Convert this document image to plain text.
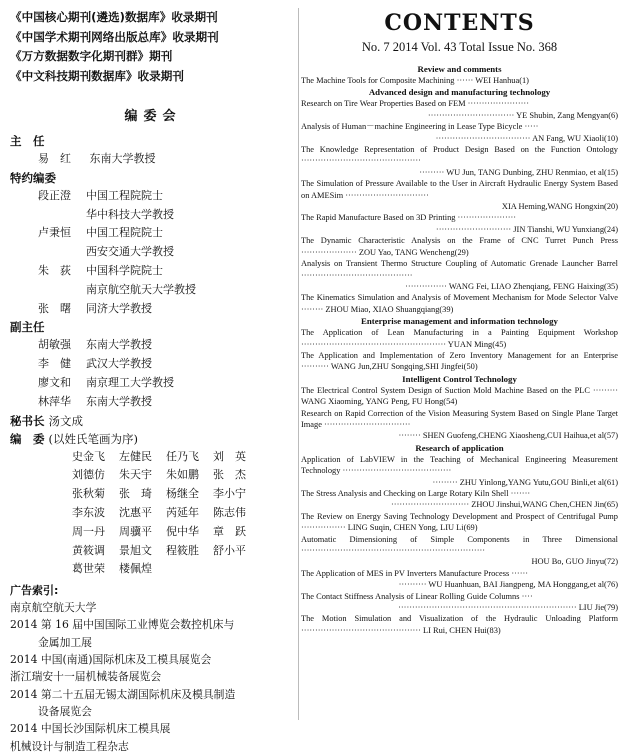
《中国核心期刊(遴选)数据库》收录期刊
《中国学术期刊网络出版总库》收录期刊
《万方数据数字化期刊群》期刊
《中文科技期刊数据库》收录期刊
编委会
主　任
易　红 东南大学教授
特约编委
段正澄 中国工程院院士
华中科技大学教授
卢秉恒 中国工程院院士
西安交通大学教授
朱　荻 中国科学院院士
南京航空航天大学教授
张　曙 同济大学教授
副主任
胡敏强 东南大学教授
李　健 武汉大学教授
廖文和 南京理工大学教授
林萍华 东南大学教授
秘书长 汤文成
编　委 (以姓氏笔画为序)
史金飞 左健民 任乃飞 刘　英
刘德仿 朱天宇 朱如鹏 张　杰
张秋菊 张　琦 杨继全 李小宁
李东波 沈惠平 芮延年 陈志伟
周一丹 周骥平 倪中华 章　跃
黄筱调 景旭文 程筱胜 舒小平
葛世荣 楼佩煌
广告索引:
南京航空航天大学
2014 第 16 届中国国际工业博览会数控机床与
金属加工展
2014 中国(南通)国际机床及工模具展览会
浙江瑞安十一届机械装备展览会
2014 第二十五届无锡太湖国际机床及模具制造
设备展览会
2014 中国长沙国际机床工模具展
机械设计与制造工程杂志
CONTENTS
No. 7 2014 Vol. 43 Total Issue No. 368
Review and comments
The Machine Tools for Composite Machining ······ WEI Hanhua(1)
Advanced design and manufacturing technology
Research on Tire Wear Properties Based on FEM ······················
······························· YE Shubin, Zang Mengyan(6)
Analysis of Human－machine Engineering in Lease Type Bicycle ·····
·································· AN Fang, WU Xiaoli(10)
The Knowledge Representation of Product Design Based on the Function Ontology ···········································
········· WU Jun, TANG Dunbing, ZHU Renmiao, et al(15)
The Simulation of Pressure Available to the User in Aircraft Hydraulic Energy System Based on AMESim ······························
XIA Heming,WANG Hongxin(20)
The Rapid Manufacture Based on 3D Printing ·····················
··························· JIN Tianshi, WU Yunxiang(24)
The Dynamic Characteristic Analysis on the Frame of CNC Turret Punch Press ···················· ZOU Yao, TANG Wencheng(29)
Analysis on Transient Thermo Structure Coupling of Automatic Grenade Launcher Barrel ········································
··············· WANG Fei, LIAO Zhenqiang, FENG Haixing(35)
The Kinematics Simulation and Analysis of Movement Mechanism for Mode Selector Valve ········ ZHOU Miao, XIAO Shuangqiang(39)
Enterprise management and information technology
The Application of Lean Manufacturing in a Painting Equipment Workshop ···················································· YUAN Ming(45)
The Application and Implementation of Zero Inventory Management for an Enterprise ·········· WANG Jun,ZHU Songqing,SHI Jingfei(50)
Intelligent Control Technology
The Electrical Control System Design of Suction Mold Machine Based on the PLC ········· WANG Xiaoming, YANG Peng, FU Hong(54)
Research on Rapid Correction of the Vision Measuring System Based on Single Plane Target Image ·······························
········ SHEN Guofeng,CHENG Xiaosheng,CUI Haihua,et al(57)
Research of application
Application of LabVIEW in the Teaching of Mechanical Engineering Measurement Technology ·······································
········· ZHU Yinlong,YANG Yutu,GOU Binli,et al(61)
The Stress Analysis and Checking on Large Rotary Kiln Shell ·······
···························· ZHOU Jinshui,WANG Chen,CHEN Jin(65)
The Review on Energy Saving Technology Development and Prospect of Centrifugal Pump ················ LING Suqin, CHEN Yong, LIU Li(69)
Automatic Dimensioning of Simple Components in Three Dimensional ··································································
HOU Bo, GUO Jinyu(72)
The Application of MES in PV Inverters Manufacture Process ······
·········· WU Huanhuan, BAI Jiangpeng, MA Honggang,et al(76)
The Contact Stiffness Analysis of Linear Rolling Guide Columns ····
································································ LIU Jie(79)
The Motion Simulation and Visualization of the Hydraulic Unloading Platform ··········································· LI Rui, CHEN Hui(83)
